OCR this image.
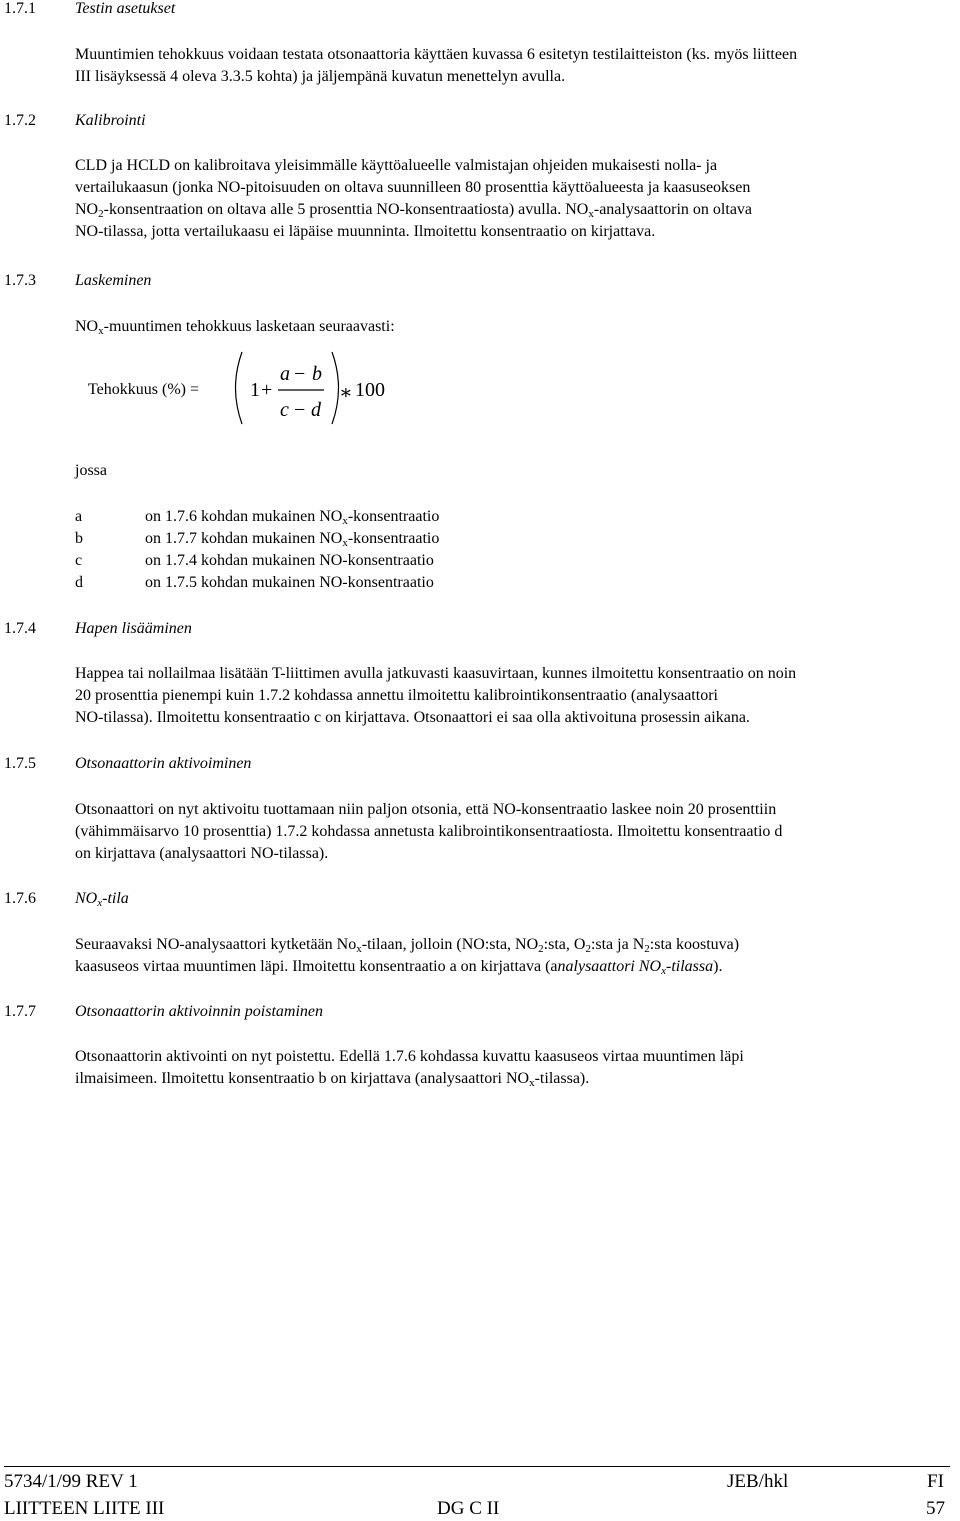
1.7.1 Testin asetukset

Muuntimien tehokkuus voidaan testata otsonaattoria käyttäen kuvassa 6 esitetyn testilaitteiston (ks. myös liitteen

III lisäyksessä 4 oleva 3.3.5 kohta) ja jäljempänä kuvatun menettelyn avulla.

1.7.2 Kalibrointi

CLD ja HCLD on kalibroitava yleisimmälle käyttöalueelle valmistajan ohjeiden mukaisesti nolla- ja

vertailukaasun (jonka NO-pitoisuuden on oltava suunnilleen 80 prosenttia käyttöalueesta ja kaasuseoksen

$NO_2$-konsentraation on oltava alle 5 prosenttia NO-konsentraatiosta) avulla. $NO_x$-analysaattorin on oltava

NO-tilassa, jotta vertailukaasu ei läpäise muunninta. Ilmoitettu konsentraatio on kirjattava.

1.7.3 Laskeminen

$NO_x$-muuntimen tehokkuus lasketaan seuraavasti:

Tehokkuus (%) =	1 +
a − b
c − d
∗ 100
jossa
a	on 1.7.6 kohdan mukainen $NO_x$-konsentraatio
b	on 1.7.7 kohdan mukainen $NO_x$-konsentraatio
c	on 1.7.4 kohdan mukainen NO-konsentraatio
d	on 1.7.5 kohdan mukainen NO-konsentraatio
1.7.4 Hapen lisääminen

Happea tai nollailmaa lisätään T-liittimen avulla jatkuvasti kaasuvirtaan, kunnes ilmoitettu konsentraatio on noin

20 prosenttia pienempi kuin 1.7.2 kohdassa annettu ilmoitettu kalibrointikonsentraatio (analysaattori

NO-tilassa). Ilmoitettu konsentraatio c on kirjattava. Otsonaattori ei saa olla aktivoituna prosessin aikana.

1.7.5 Otsonaattorin aktivoiminen

Otsonaattori on nyt aktivoitu tuottamaan niin paljon otsonia, että NO-konsentraatio laskee noin 20 prosenttiin

(vähimmäisarvo 10 prosenttia) 1.7.2 kohdassa annetusta kalibrointikonsentraatiosta. Ilmoitettu konsentraatio d

on kirjattava (analysaattori NO-tilassa).

1.7.6 $NO_x$-tila

Seuraavaksi NO-analysaattori kytketään $No_x$-tilaan, jolloin (NO:sta, $NO_2:sta$, $O_2:sta$ ja $N_2:sta$ koostuva)

kaasuseos virtaa muuntimen läpi. Ilmoitettu konsentraatio a on kirjattava (analysaattori $NO_x-tilassa$).

1.7.7 Otsonaattorin aktivoinnin poistaminen

Otsonaattorin aktivointi on nyt poistettu. Edellä 1.7.6 kohdassa kuvattu kaasuseos virtaa muuntimen läpi

ilmaisimeen. Ilmoitettu konsentraatio b on kirjattava (analysaattori $NO_x-tilassa$).

5734/1/99 REV 1	JEB/hkl	FI
LIITTEEN LIITE III	DG C II	57
